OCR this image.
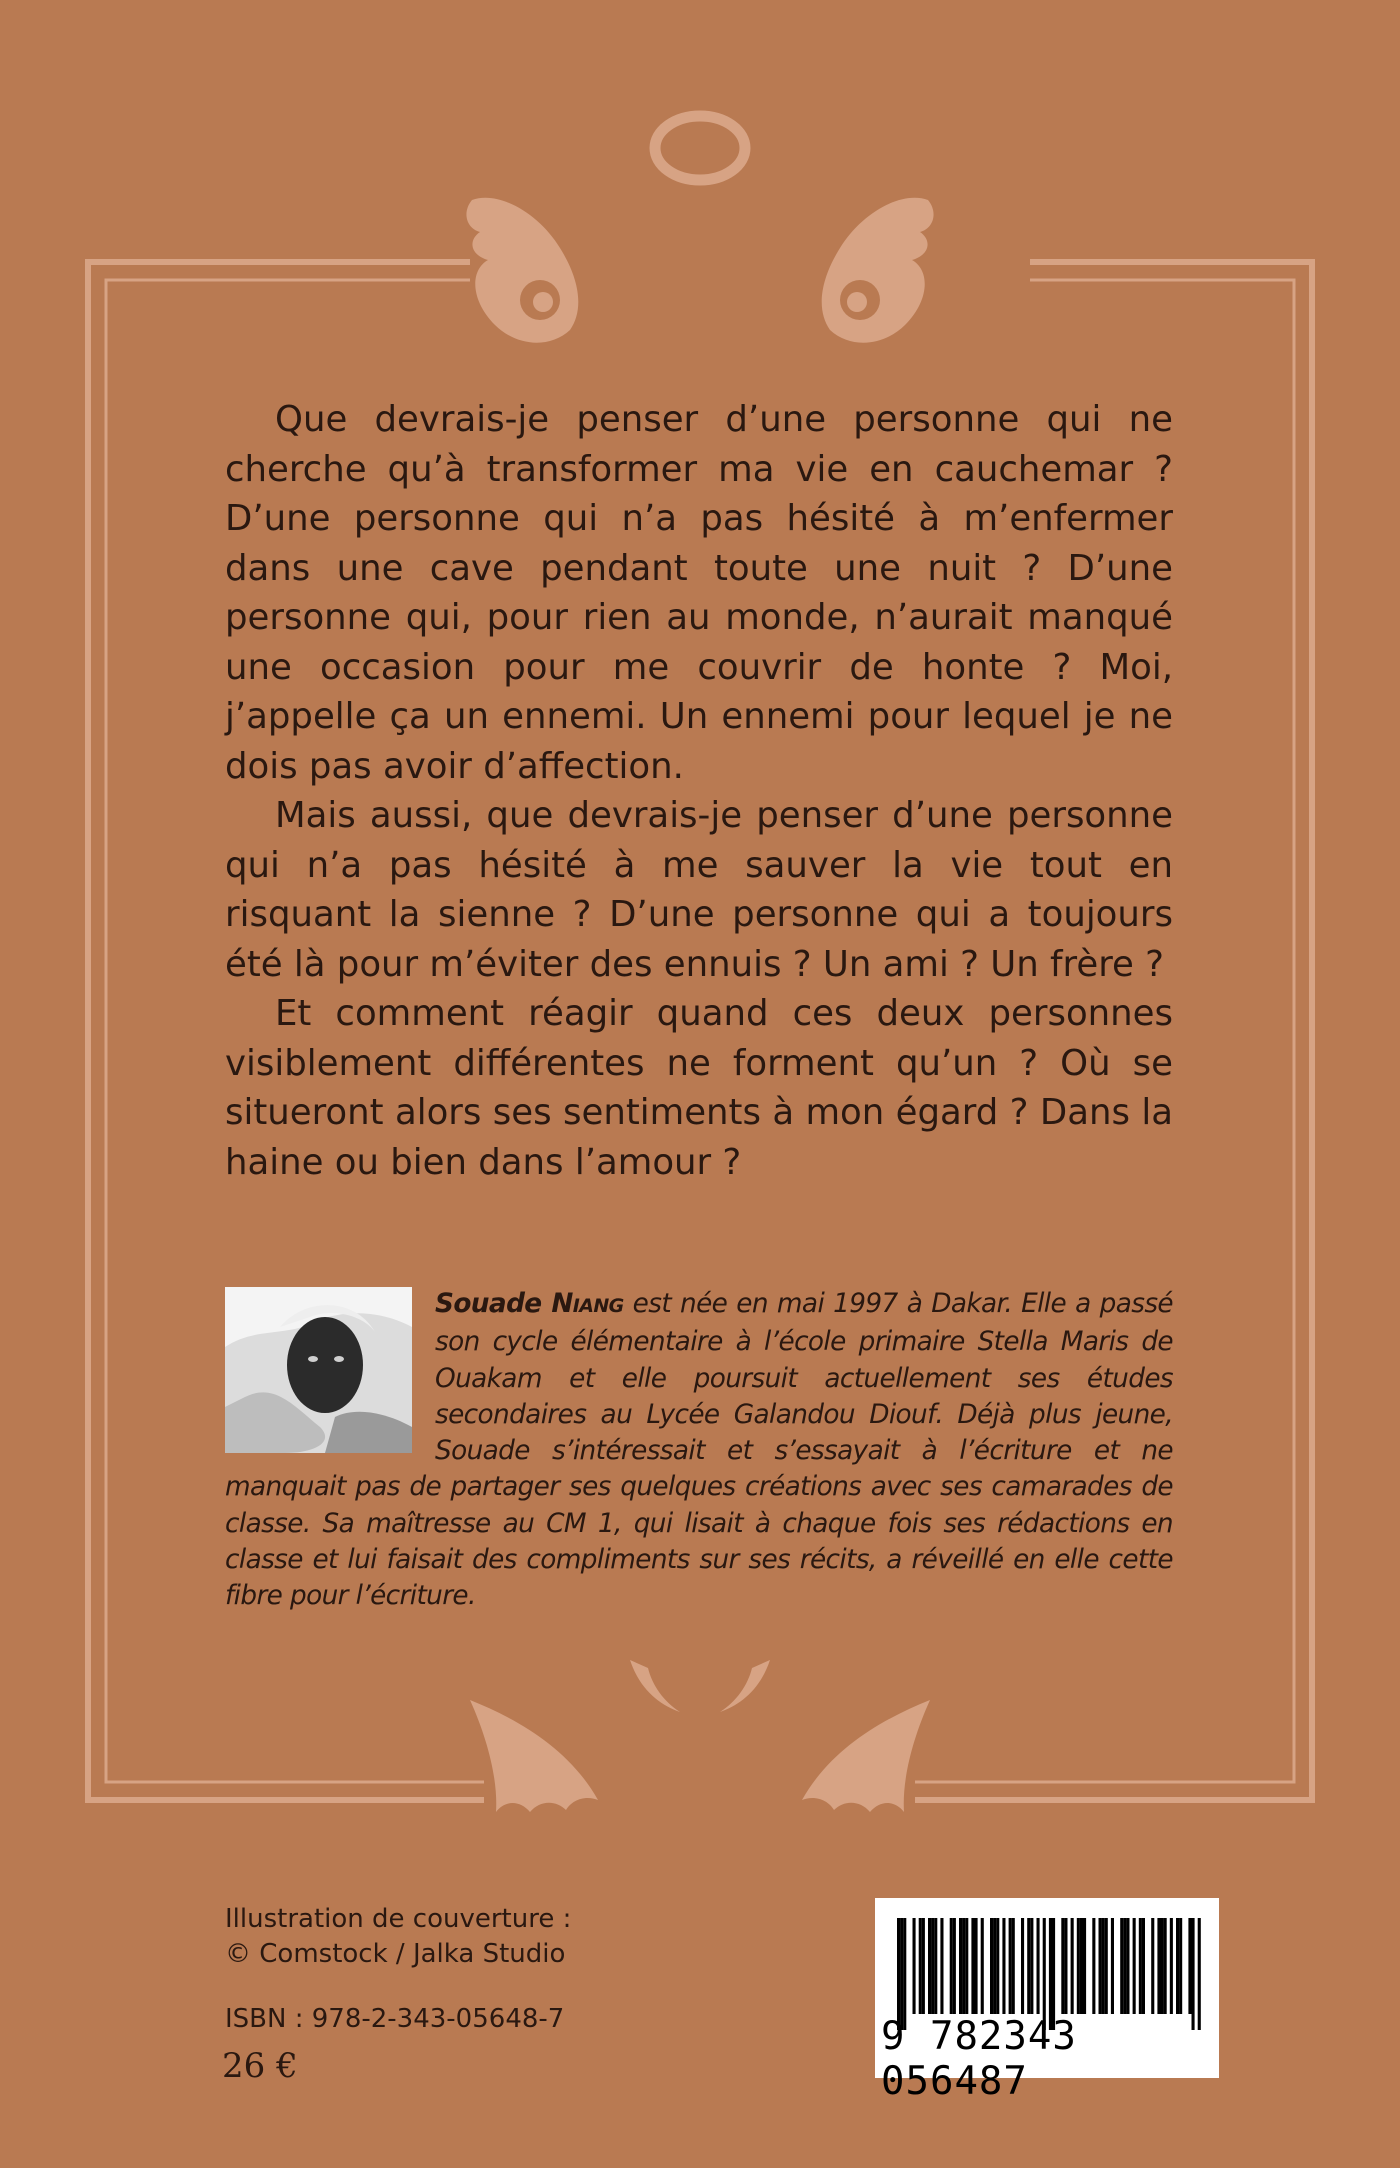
Que devrais-je penser d’une personne qui ne cherche qu’à transformer ma vie en cauchemar ? D’une personne qui n’a pas hésité à m’enfermer dans une cave pendant toute une nuit ? D’une personne qui, pour rien au monde, n’aurait manqué une occasion pour me couvrir de honte ? Moi, j’appelle ça un ennemi. Un ennemi pour lequel je ne dois pas avoir d’affection.

Mais aussi, que devrais-je penser d’une personne qui n’a pas hésité à me sauver la vie tout en risquant la sienne ? D’une personne qui a toujours été là pour m’éviter des ennuis ? Un ami ? Un frère ?

Et comment réagir quand ces deux personnes visiblement différentes ne forment qu’un ? Où se situeront alors ses sentiments à mon égard ? Dans la haine ou bien dans l’amour ?

Souade NIANG est née en mai 1997 à Dakar. Elle a passé son cycle élémentaire à l’école primaire Stella Maris de Ouakam et elle poursuit actuellement ses études secondaires au Lycée Galandou Diouf. Déjà plus jeune, Souade s’intéressait et s’essayait à l’écriture et ne manquait pas de partager ses quelques créations avec ses camarades de classe. Sa maîtresse au CM 1, qui lisait à chaque fois ses rédactions en classe et lui faisait des compliments sur ses récits, a réveillé en elle cette fibre pour l’écriture.
Illustration de couverture :
© Comstock / Jalka Studio
ISBN : 978-2-343-05648-7
26 €
9 782343 056487
